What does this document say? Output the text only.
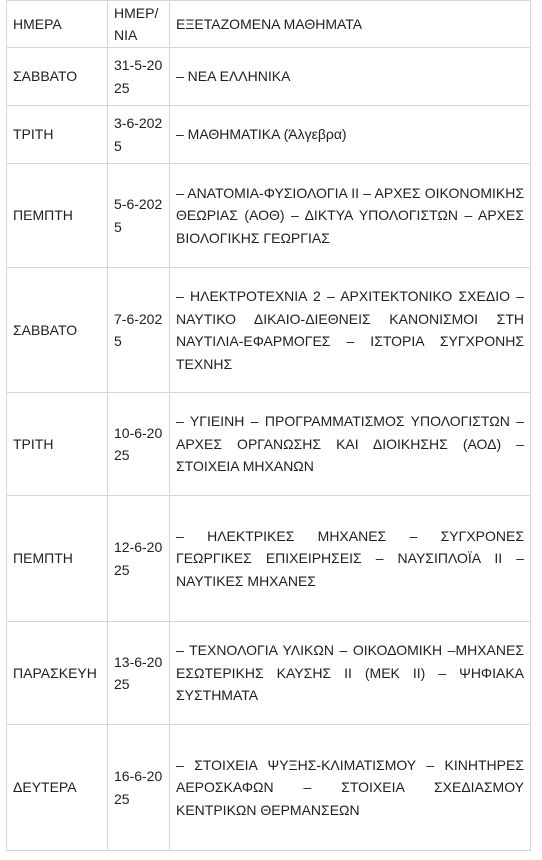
ΗΜΕΡΑ	ΗΜΕΡ/ΝΙΑ	ΕΞΕΤΑΖΟΜΕΝΑ ΜΑΘΗΜΑΤΑ
ΣΑΒΒΑΤΟ	31-5-2025	– ΝΕΑ ΕΛΛΗΝΙΚΑ
ΤΡΙΤΗ	3-6-2025	– ΜΑΘΗΜΑΤΙΚΑ (Άλγεβρα)
ΠΕΜΠΤΗ	5-6-2025	– ΑΝΑΤΟΜΙΑ-ΦΥΣΙΟΛΟΓΙΑ ΙΙ – ΑΡΧΕΣ ΟΙΚΟΝΟΜΙΚΗΣ ΘΕΩΡΙΑΣ (ΑΟΘ) – ΔΙΚΤΥΑ ΥΠΟΛΟΓΙΣΤΩΝ – ΑΡΧΕΣ ΒΙΟΛΟΓΙΚΗΣ ΓΕΩΡΓΙΑΣ
ΣΑΒΒΑΤΟ	7-6-2025	– ΗΛΕΚΤΡΟΤΕΧΝΙΑ 2 – ΑΡΧΙΤΕΚΤΟΝΙΚΟ ΣΧΕΔΙΟ – ΝΑΥΤΙΚΟ ΔΙΚΑΙΟ-ΔΙΕΘΝΕΙΣ ΚΑΝΟΝΙΣΜΟΙ ΣΤΗ ΝΑΥΤΙΛΙΑ-ΕΦΑΡΜΟΓΕΣ – ΙΣΤΟΡΙΑ ΣΥΓΧΡΟΝΗΣ ΤΕΧΝΗΣ
ΤΡΙΤΗ	10-6-2025	– ΥΓΙΕΙΝΗ – ΠΡΟΓΡΑΜΜΑΤΙΣΜΟΣ ΥΠΟΛΟΓΙΣΤΩΝ – ΑΡΧΕΣ ΟΡΓΑΝΩΣΗΣ ΚΑΙ ΔΙΟΙΚΗΣΗΣ (ΑΟΔ) – ΣΤΟΙΧΕΙΑ ΜΗΧΑΝΩΝ
ΠΕΜΠΤΗ	12-6-2025	– ΗΛΕΚΤΡΙΚΕΣ ΜΗΧΑΝΕΣ – ΣΥΓΧΡΟΝΕΣ ΓΕΩΡΓΙΚΕΣ ΕΠΙΧΕΙΡΗΣΕΙΣ – ΝΑΥΣΙΠΛΟΪΑ ΙΙ – ΝΑΥΤΙΚΕΣ ΜΗΧΑΝΕΣ
ΠΑΡΑΣΚΕΥΗ	13-6-2025	– ΤΕΧΝΟΛΟΓΙΑ ΥΛΙΚΩΝ – ΟΙΚΟΔΟΜΙΚΗ –ΜΗΧΑΝΕΣ ΕΣΩΤΕΡΙΚΗΣ ΚΑΥΣΗΣ ΙΙ (ΜΕΚ ΙΙ) – ΨΗΦΙΑΚΑ ΣΥΣΤΗΜΑΤΑ
ΔΕΥΤΕΡΑ	16-6-2025	– ΣΤΟΙΧΕΙΑ ΨΥΞΗΣ-ΚΛΙΜΑΤΙΣΜΟΥ – ΚΙΝΗΤΗΡΕΣ ΑΕΡΟΣΚΑΦΩΝ – ΣΤΟΙΧΕΙΑ ΣΧΕΔΙΑΣΜΟΥ ΚΕΝΤΡΙΚΩΝ ΘΕΡΜΑΝΣΕΩΝ
